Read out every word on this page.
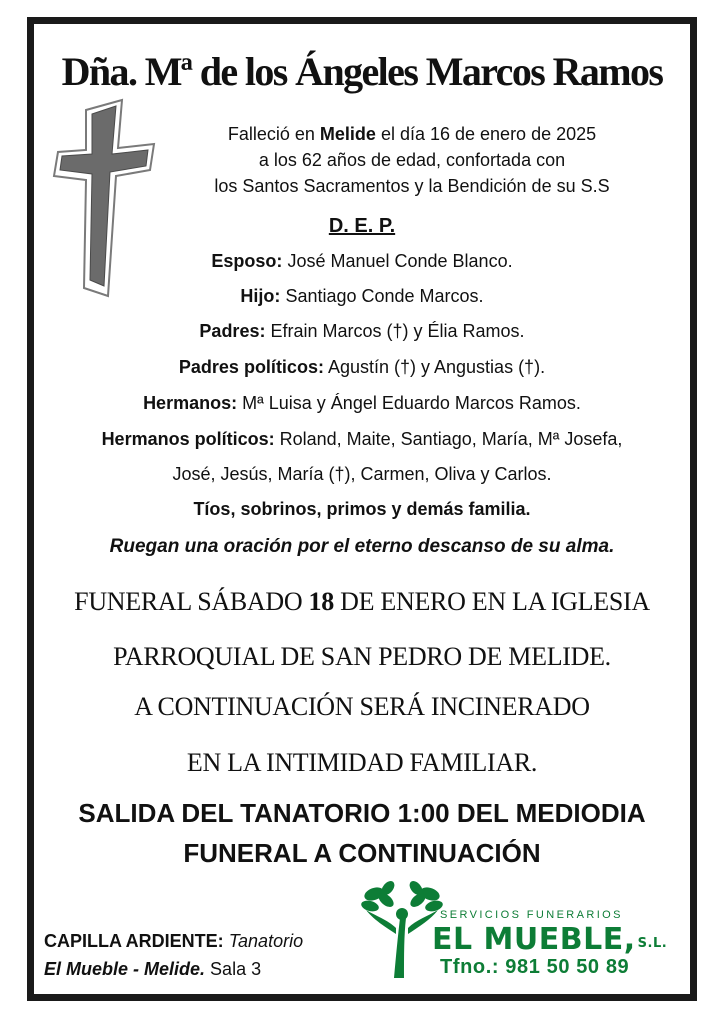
Dña. Mª de los Ángeles Marcos Ramos
Falleció en Melide el día 16 de enero de 2025
a los 62 años de edad, confortada con
los Santos Sacramentos y la Bendición de su S.S
D. E. P.
Esposo: José Manuel Conde Blanco.
Hijo: Santiago Conde Marcos.
Padres: Efrain Marcos (†) y Élia Ramos.
Padres políticos: Agustín (†) y Angustias (†).
Hermanos: Mª Luisa y Ángel Eduardo Marcos Ramos.
Hermanos políticos: Roland, Maite, Santiago, María, Mª Josefa,
José, Jesús, María (†), Carmen, Oliva y Carlos.
Tíos, sobrinos, primos y demás familia.
Ruegan una oración por el eterno descanso de su alma.
FUNERAL SÁBADO 18 DE ENERO EN LA IGLESIA
PARROQUIAL DE SAN PEDRO DE MELIDE.
A CONTINUACIÓN SERÁ INCINERADO
EN LA INTIMIDAD FAMILIAR.
SALIDA DEL TANATORIO 1:00 DEL MEDIODIA
FUNERAL A CONTINUACIÓN
CAPILLA ARDIENTE: Tanatorio
El Mueble - Melide. Sala 3
SERVICIOS FUNERARIOS
EL MUEBLE, S.L.
Tfno.: 981 50 50 89
